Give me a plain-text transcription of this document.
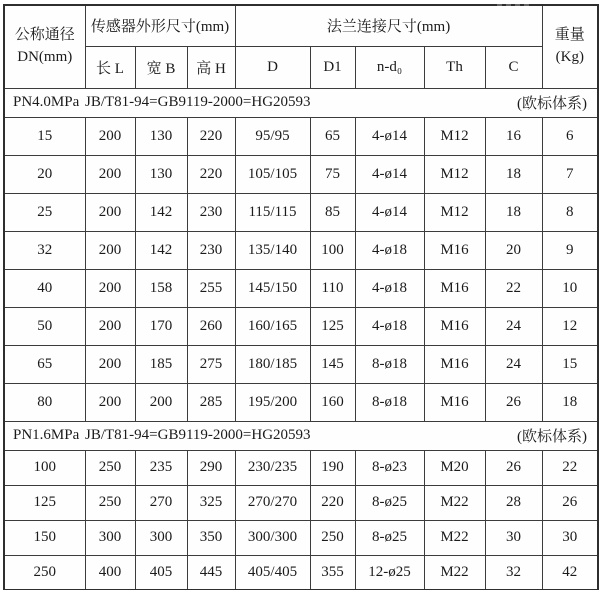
公称通径
DN(mm)
	传感器外形尺寸(mm)	法兰连接尺寸(mm)	重量
(Kg)

	长 L	宽 B	高 H	D	D1	n-d₀	Th	C	

PN4.0MPa JB/T81-94=GB9119-2000=HG20593 (欧标体系)									

15	200	130	220	95/95	65	4-ø14	M12	16	6
20	200	130	220	105/105	75	4-ø14	M12	18	7
25	200	142	230	115/115	85	4-ø14	M12	18	8
32	200	142	230	135/140	100	4-ø18	M16	20	9
40	200	158	255	145/150	110	4-ø18	M16	22	10
50	200	170	260	160/165	125	4-ø18	M16	24	12
65	200	185	275	180/185	145	8-ø18	M16	24	15
80	200	200	285	195/200	160	8-ø18	M16	26	18

PN1.6MPa JB/T81-94=GB9119-2000=HG20593 (欧标体系)									

100	250	235	290	230/235	190	8-ø23	M20	26	22
125	250	270	325	270/270	220	8-ø25	M22	28	26
150	300	300	350	300/300	250	8-ø25	M22	30	30
250	400	405	445	405/405	355	12-ø25	M22	32	42
